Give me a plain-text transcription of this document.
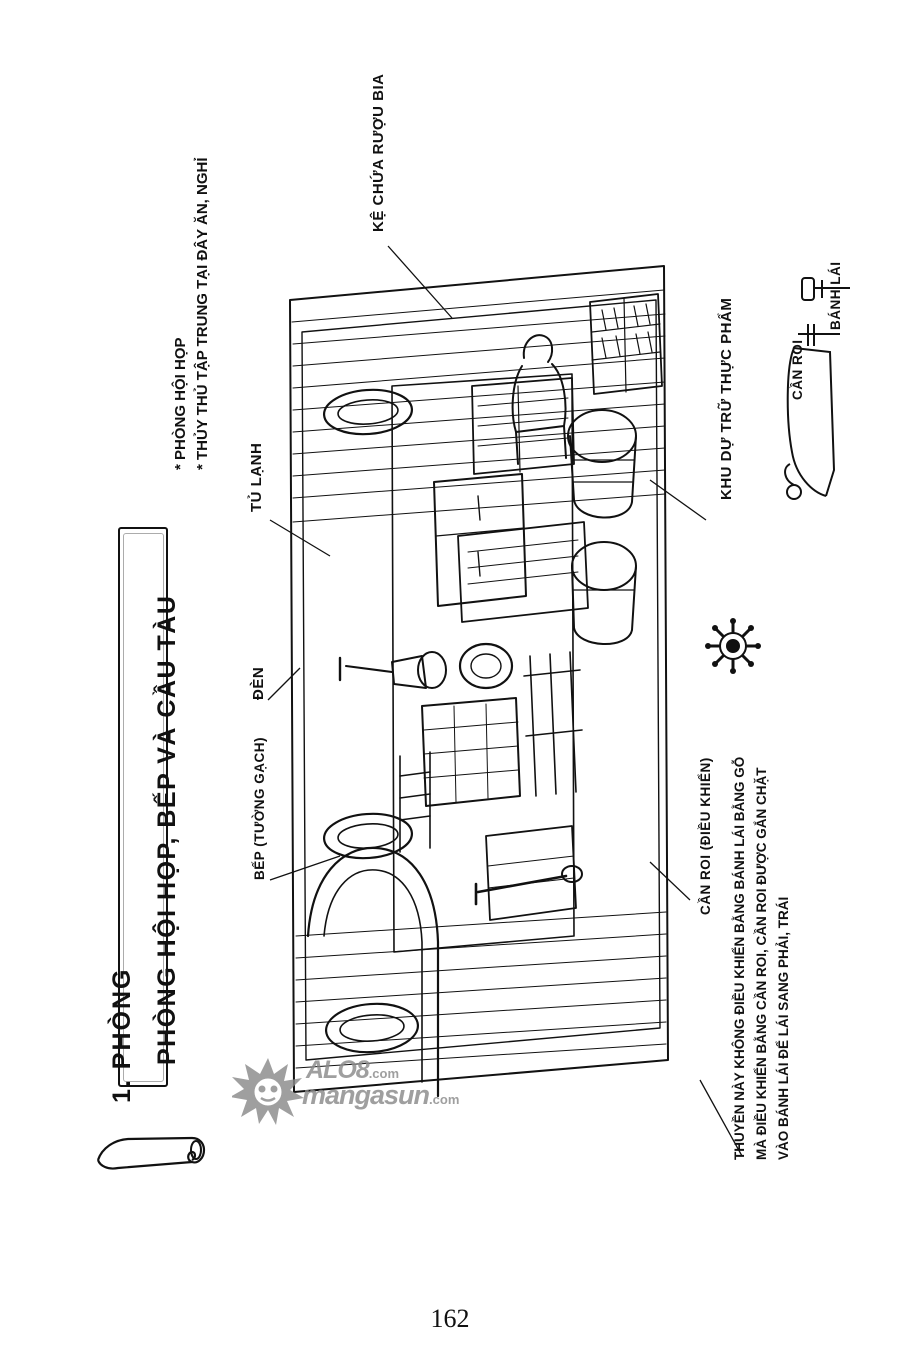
PHÒNG HỘI HỌP, BẾP VÀ CẦU TÀU
1. PHÒNG
* PHÒNG HỘI HỌP * THỦY THỦ TẬP TRUNG TẠI ĐÂY ĂN, NGHỈ
KỆ CHỨA RƯỢU BIA
TỦ LẠNH
ĐÈN
BẾP (TƯỜNG GẠCH)
KHU DỰ TRỮ THỰC PHẨM
CẦN ROI (ĐIỀU KHIỂN)
BÁNH LÁI
CẦN ROI
THUYỀN NÀY KHÔNG ĐIỀU KHIỂN BẰNG BÁNH LÁI BẰNG GỖ MÀ ĐIỀU KHIỂN BẰNG CẦN ROI, CẦN ROI ĐƯỢC GẮN CHẶT VÀO BÁNH LÁI ĐỂ LÁI SANG PHẢI, TRÁI
ALO8.com
mangasun.com
162
